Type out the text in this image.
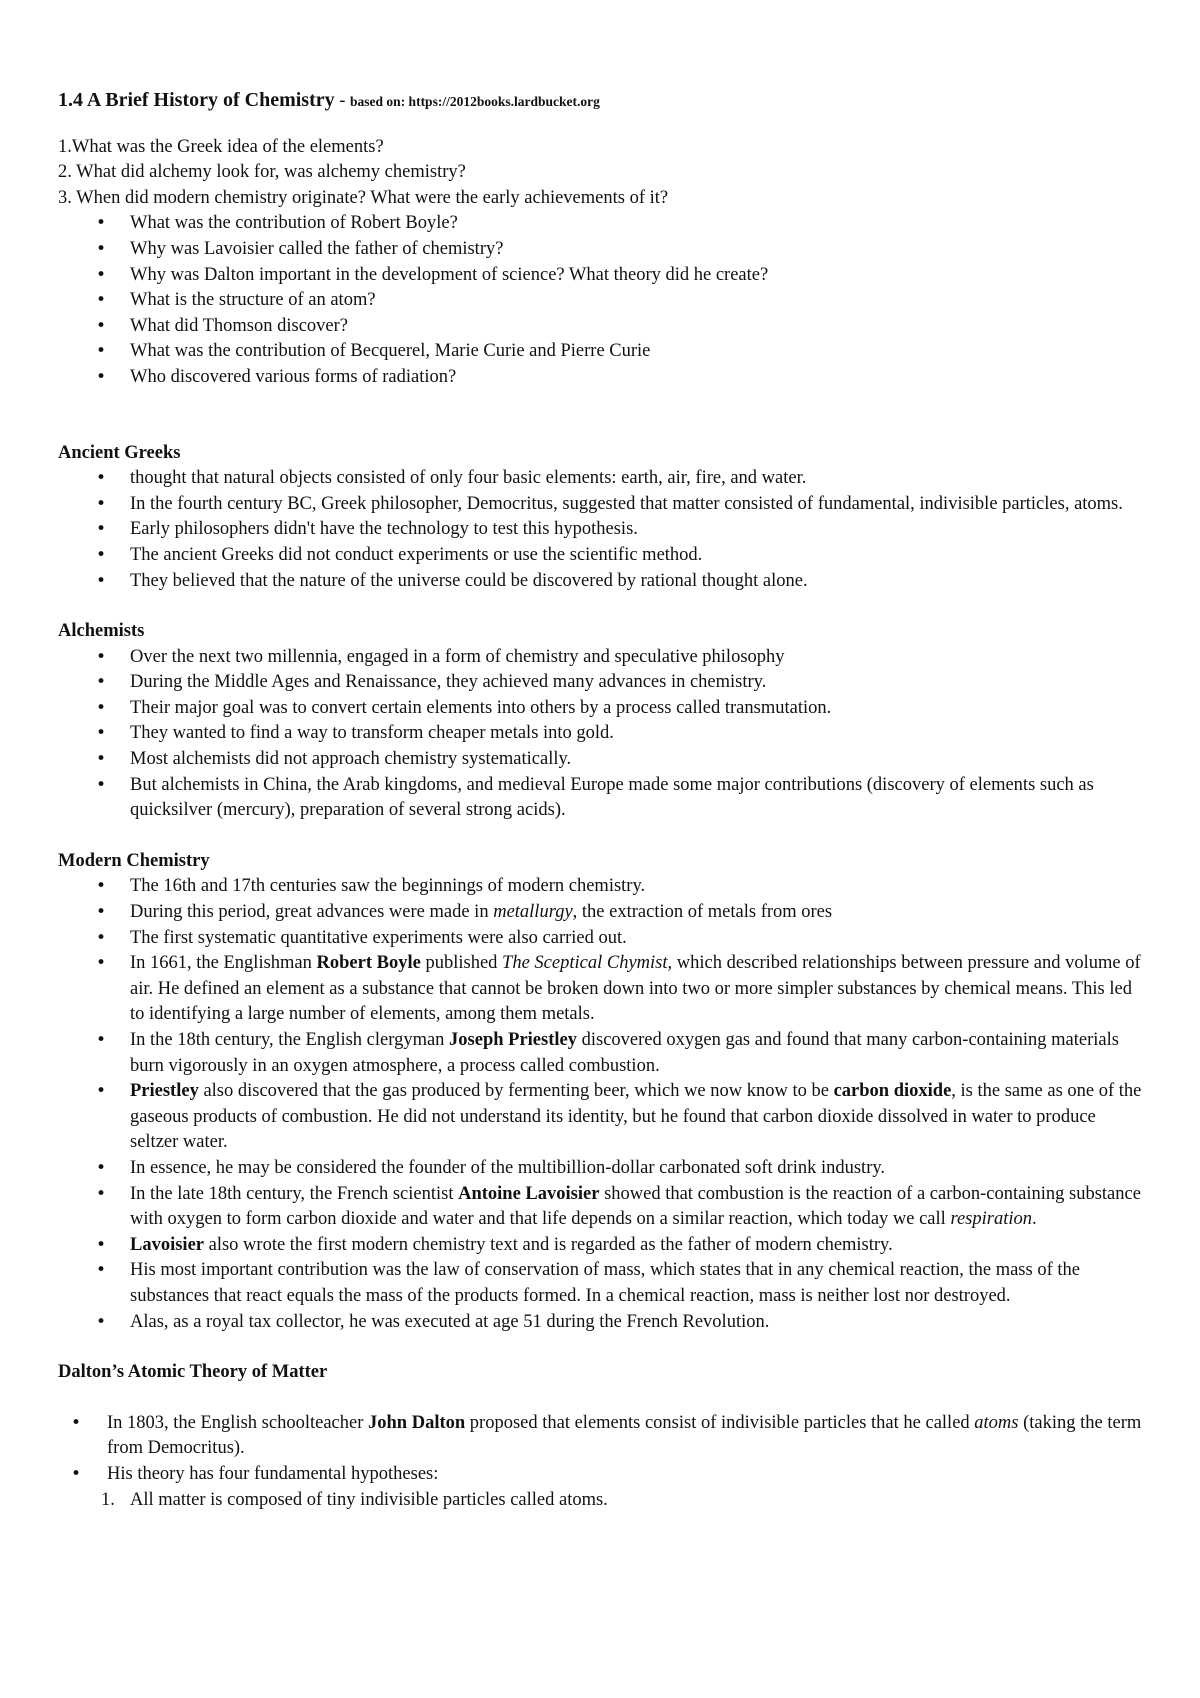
1.4 A Brief History of Chemistry - based on: https://2012books.lardbucket.org
1.What was the Greek idea of the elements?
2. What did alchemy look for, was alchemy chemistry?
3. When did modern chemistry originate? What were the early achievements of it?
• What was the contribution of Robert Boyle?
• Why was Lavoisier called the father of chemistry?
• Why was Dalton important in the development of science? What theory did he create?
• What is the structure of an atom?
• What did Thomson discover?
• What was the contribution of Becquerel, Marie Curie and Pierre Curie
• Who discovered various forms of radiation?
Ancient Greeks
• thought that natural objects consisted of only four basic elements: earth, air, fire, and water.
• In the fourth century BC, Greek philosopher, Democritus, suggested that matter consisted of fundamental, indivisible particles, atoms.
• Early philosophers didn't have the technology to test this hypothesis.
• The ancient Greeks did not conduct experiments or use the scientific method.
• They believed that the nature of the universe could be discovered by rational thought alone.
Alchemists
• Over the next two millennia, engaged in a form of chemistry and speculative philosophy
• During the Middle Ages and Renaissance, they achieved many advances in chemistry.
• Their major goal was to convert certain elements into others by a process called transmutation.
• They wanted to find a way to transform cheaper metals into gold.
• Most alchemists did not approach chemistry systematically.
• But alchemists in China, the Arab kingdoms, and medieval Europe made some major contributions (discovery of elements such as quicksilver (mercury), preparation of several strong acids).
Modern Chemistry
• The 16th and 17th centuries saw the beginnings of modern chemistry.
• During this period, great advances were made in metallurgy, the extraction of metals from ores
• The first systematic quantitative experiments were also carried out.
• In 1661, the Englishman Robert Boyle published The Sceptical Chymist, which described relationships between pressure and volume of air. He defined an element as a substance that cannot be broken down into two or more simpler substances by chemical means. This led to identifying a large number of elements, among them metals.
• In the 18th century, the English clergyman Joseph Priestley discovered oxygen gas and found that many carbon-containing materials burn vigorously in an oxygen atmosphere, a process called combustion.
• Priestley also discovered that the gas produced by fermenting beer, which we now know to be carbon dioxide, is the same as one of the gaseous products of combustion. He did not understand its identity, but he found that carbon dioxide dissolved in water to produce seltzer water.
• In essence, he may be considered the founder of the multibillion-dollar carbonated soft drink industry.
• In the late 18th century, the French scientist Antoine Lavoisier showed that combustion is the reaction of a carbon-containing substance with oxygen to form carbon dioxide and water and that life depends on a similar reaction, which today we call respiration.
• Lavoisier also wrote the first modern chemistry text and is regarded as the father of modern chemistry.
• His most important contribution was the law of conservation of mass, which states that in any chemical reaction, the mass of the substances that react equals the mass of the products formed. In a chemical reaction, mass is neither lost nor destroyed.
• Alas, as a royal tax collector, he was executed at age 51 during the French Revolution.
Dalton’s Atomic Theory of Matter
• In 1803, the English schoolteacher John Dalton proposed that elements consist of indivisible particles that he called atoms (taking the term from Democritus).
• His theory has four fundamental hypotheses:
1. All matter is composed of tiny indivisible particles called atoms.
